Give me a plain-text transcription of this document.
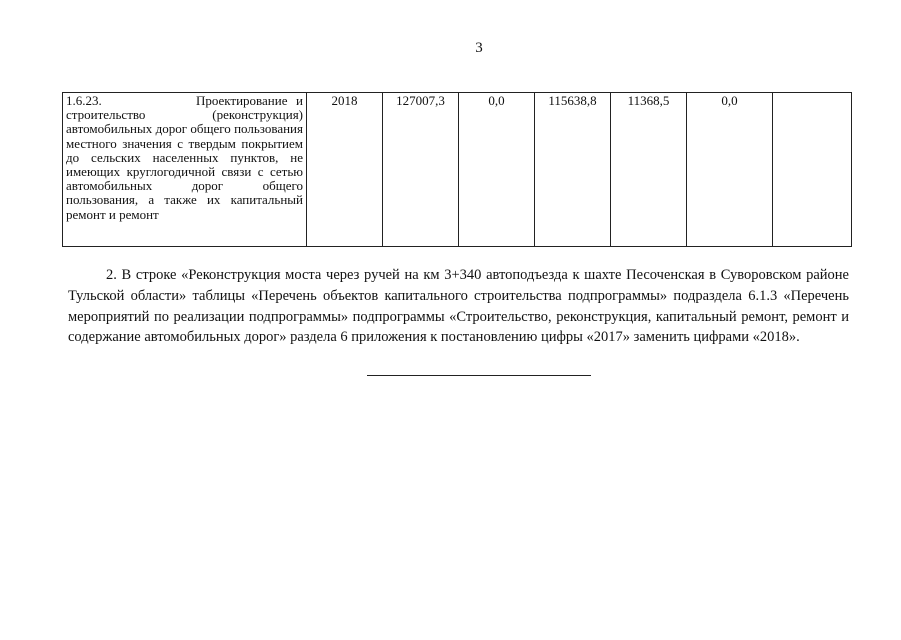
3
1.6.23.	Проектирование и строительство (реконструкция) автомобильных дорог общего пользования местного значения с твердым покрытием до сельских населенных пунктов, не имеющих круглогодичной связи с сетью автомобильных дорог общего пользования, а также их капитальный ремонт и ремонт	2018	127007,3	0,0	115638,8	11368,5	0,0	

2. В строке «Реконструкция моста через ручей на км 3+340 автоподъезда к шахте Песоченская в Суворовском районе Тульской области» таблицы «Перечень объектов капитального строительства подпрограммы» подраздела 6.1.3 «Перечень мероприятий по реализации подпрограммы» подпрограммы «Строительство, реконструкция, капитальный ремонт, ремонт и содержание автомобильных дорог» раздела 6 приложения к постановлению цифры «2017» заменить цифрами «2018».
